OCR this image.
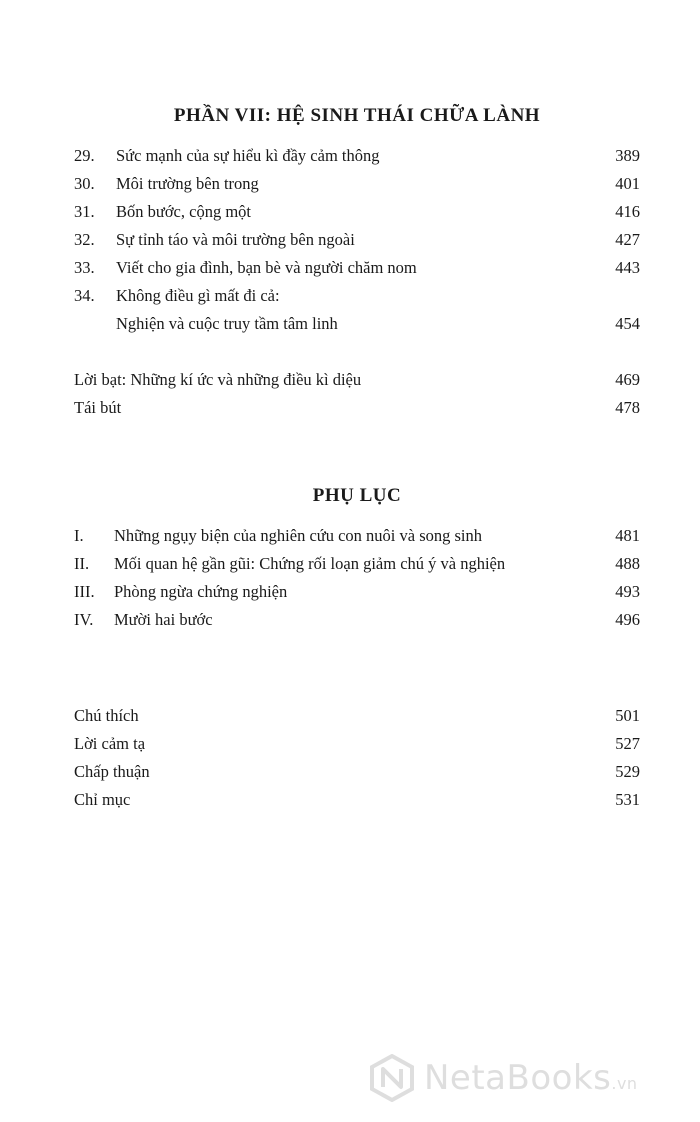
PHẦN VII: HỆ SINH THÁI CHỮA LÀNH
29.	Sức mạnh của sự hiểu kì đầy cảm thông	389
30.	Môi trường bên trong	401
31.	Bốn bước, cộng một	416
32.	Sự tỉnh táo và môi trường bên ngoài	427
33.	Viết cho gia đình, bạn bè và người chăm nom	443
34.	Không điều gì mất đi cả:
Nghiện và cuộc truy tầm tâm linh	454
Lời bạt: Những kí ức và những điều kì diệu	469
Tái bút	478
PHỤ LỤC
I.	Những ngụy biện của nghiên cứu con nuôi và song sinh	481
II.	Mối quan hệ gần gũi: Chứng rối loạn giảm chú ý và nghiện	488
III.	Phòng ngừa chứng nghiện	493
IV.	Mười hai bước	496
Chú thích	501
Lời cảm tạ	527
Chấp thuận	529
Chỉ mục	531
NetaBooks.vn
